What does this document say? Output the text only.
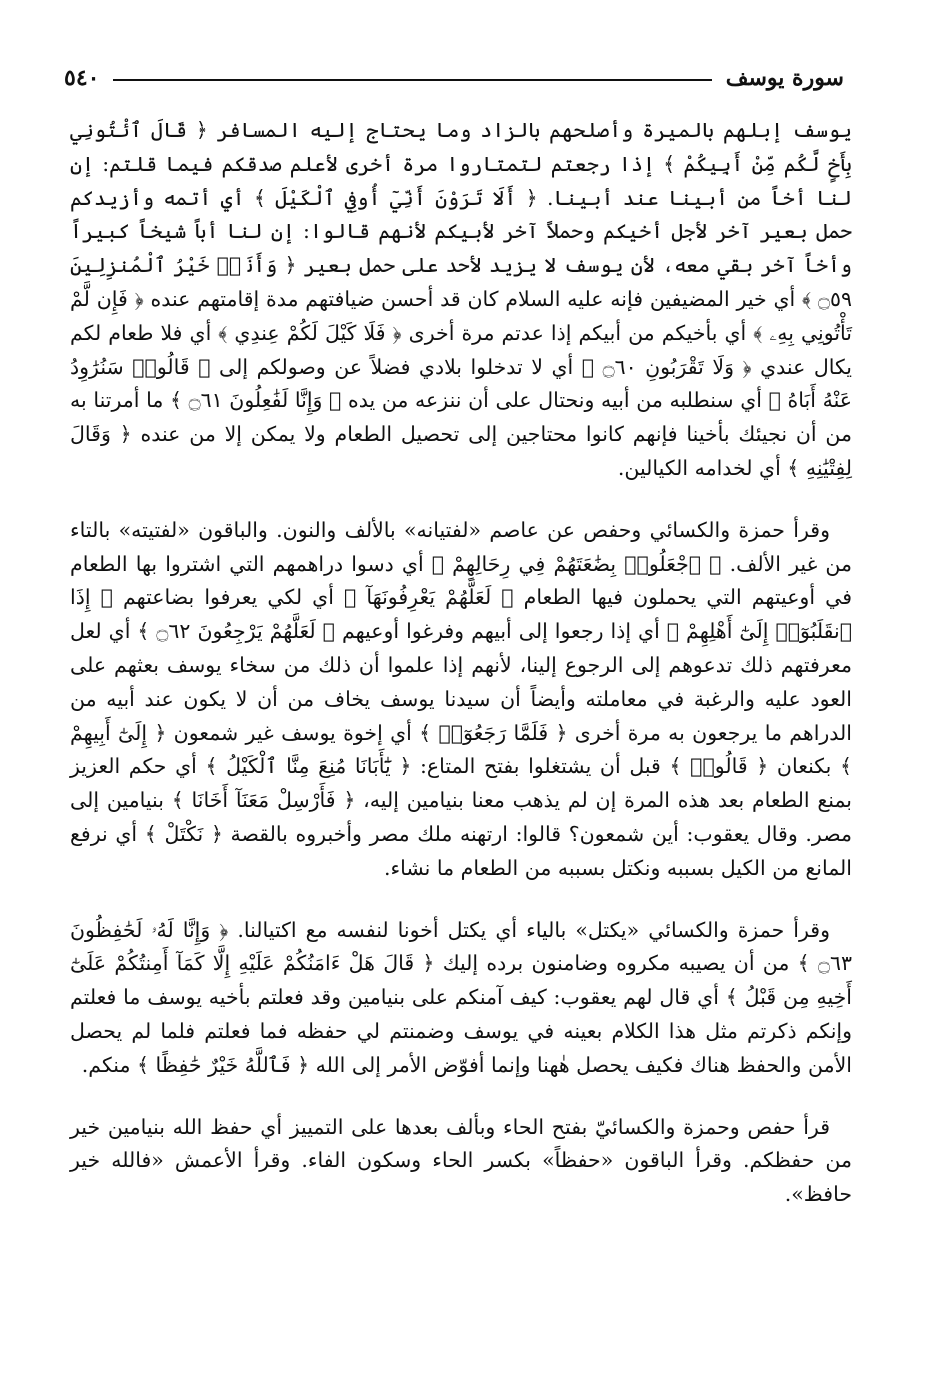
سورة يوسف
٥٤٠

يوسف إبلهم بالميرة وأصلحهم بالزاد وما يحتاج إليه المسافر ﴿ قَالَ ٱئْتُونِي بِأَخٍ لَّكُم مِّنْ أَبِيكُمْ ﴾ إذا رجعتم لتمتاروا مرة أخرى لأعلم صدقكم فيما قلتم: إن لنا أخاً من أبينا عند أبينا. ﴿ أَلَا تَرَوْنَ أَنِّيٓ أُوفِي ٱلْكَيْلَ ﴾ أي أتمه وأزيدكم حمل بعير آخر لأجل أخيكم وحملاً آخر لأبيكم لأنهم قالوا: إن لنا أباً شيخاً كبيراً وأخاً آخر بقي معه، لأن يوسف لا يزيد لأحد على حمل بعير ﴿ وَأَنَا۠ خَيْرُ ٱلْمُنزِلِينَ ۝٥٩ ﴾ أي خير المضيفين فإنه عليه السلام كان قد أحسن ضيافتهم مدة إقامتهم عنده ﴿ فَإِن لَّمْ تَأْتُونِي بِهِۦ ﴾ أي بأخيكم من أبيكم إذا عدتم مرة أخرى ﴿ فَلَا كَيْلَ لَكُمْ عِندِي ﴾ أي فلا طعام لكم يكال عندي ﴿ وَلَا تَقْرَبُونِ ۝٦٠ ﴾ أي لا تدخلوا بلادي فضلاً عن وصولكم إلى ﴿ قَالُوا۟ سَنُرَٰوِدُ عَنْهُ أَبَاهُ ﴾ أي سنطلبه من أبيه ونحتال على أن ننزعه من يده ﴿ وَإِنَّا لَفَٰعِلُونَ ۝٦١ ﴾ ما أمرتنا به من أن نجيئك بأخينا فإنهم كانوا محتاجين إلى تحصيل الطعام ولا يمكن إلا من عنده ﴿ وَقَالَ لِفِتْيَٰنِهِ ﴾ أي لخدامه الكيالين.

وقرأ حمزة والكسائي وحفص عن عاصم «لفتيانه» بالألف والنون. والباقون «لفتيته» بالتاء من غير الألف. ﴿ ٱجْعَلُوا۟ بِضَٰعَتَهُمْ فِي رِحَالِهِمْ ﴾ أي دسوا دراهمهم التي اشتروا بها الطعام في أوعيتهم التي يحملون فيها الطعام ﴿ لَعَلَّهُمْ يَعْرِفُونَهَآ ﴾ أي لكي يعرفوا بضاعتهم ﴿ إِذَا ٱنقَلَبُوٓا۟ إِلَىٰٓ أَهْلِهِمْ ﴾ أي إذا رجعوا إلى أبيهم وفرغوا أوعيهم ﴿ لَعَلَّهُمْ يَرْجِعُونَ ۝٦٢ ﴾ أي لعل معرفتهم ذلك تدعوهم إلى الرجوع إلينا، لأنهم إذا علموا أن ذلك من سخاء يوسف بعثهم على العود عليه والرغبة في معاملته وأيضاً أن سيدنا يوسف يخاف من أن لا يكون عند أبيه من الدراهم ما يرجعون به مرة أخرى ﴿ فَلَمَّا رَجَعُوٓا۟ ﴾ أي إخوة يوسف غير شمعون ﴿ إِلَىٰٓ أَبِيهِمْ ﴾ بكنعان ﴿ قَالُوا۟ ﴾ قبل أن يشتغلوا بفتح المتاع: ﴿ يَٰٓأَبَانَا مُنِعَ مِنَّا ٱلْكَيْلُ ﴾ أي حكم العزيز بمنع الطعام بعد هذه المرة إن لم يذهب معنا بنيامين إليه، ﴿ فَأَرْسِلْ مَعَنَآ أَخَانَا ﴾ بنيامين إلى مصر. وقال يعقوب: أين شمعون؟ قالوا: ارتهنه ملك مصر وأخبروه بالقصة ﴿ نَكْتَلْ ﴾ أي نرفع المانع من الكيل بسببه ونكتل بسببه من الطعام ما نشاء.

وقرأ حمزة والكسائي «يكتل» بالياء أي يكتل أخونا لنفسه مع اكتيالنا. ﴿ وَإِنَّا لَهُۥ لَحَٰفِظُونَ ۝٦٣ ﴾ من أن يصيبه مكروه وضامنون برده إليك ﴿ قَالَ هَلْ ءَامَنُكُمْ عَلَيْهِ إِلَّا كَمَآ أَمِنتُكُمْ عَلَىٰٓ أَخِيهِ مِن قَبْلُ ﴾ أي قال لهم يعقوب: كيف آمنكم على بنيامين وقد فعلتم بأخيه يوسف ما فعلتم وإنكم ذكرتم مثل هذا الكلام بعينه في يوسف وضمنتم لي حفظه فما فعلتم فلما لم يحصل الأمن والحفظ هناك فكيف يحصل هٰهنا وإنما أفوّض الأمر إلى الله ﴿ فَٱللَّهُ خَيْرٌ حَٰفِظًا ﴾ منكم.

قرأ حفص وحمزة والكسائيّ بفتح الحاء وبألف بعدها على التمييز أي حفظ الله بنيامين خير من حفظكم. وقرأ الباقون «حفظاً» بكسر الحاء وسكون الفاء. وقرأ الأعمش «فالله خير حافظ».
